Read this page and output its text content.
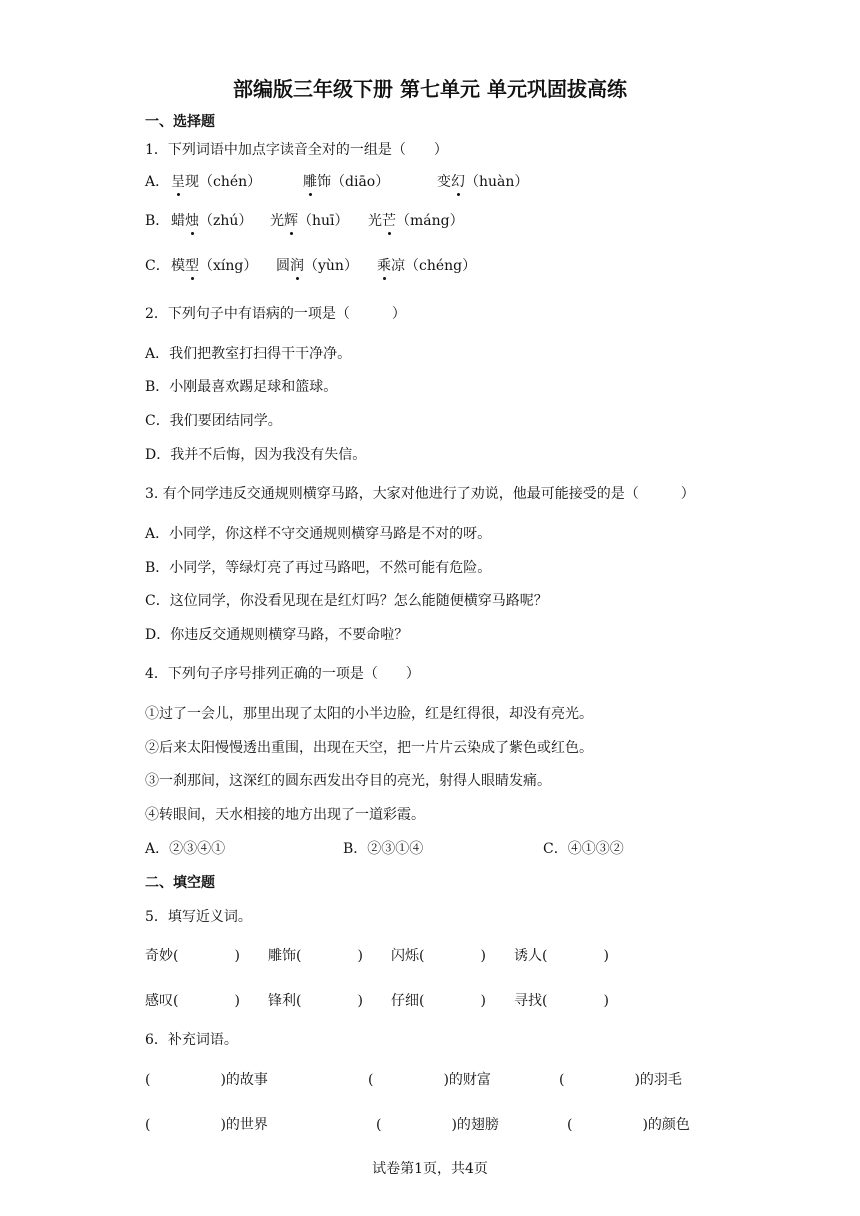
部编版三年级下册 第七单元 单元巩固拔高练
一、选择题
1．下列词语中加点字读音全对的一组是（　　）
A． 呈现（chén）	雕饰（diāo）	变幻（huàn）
B． 蜡烛（zhú） 光辉（huī） 光芒（máng）
C． 模型（xíng） 圆润（yùn） 乘凉（chéng）
2．下列句子中有语病的一项是（　　　）
A．我们把教室打扫得干干净净。
B．小刚最喜欢踢足球和篮球。
C．我们要团结同学。
D．我并不后悔，因为我没有失信。
3. 有个同学违反交通规则横穿马路，大家对他进行了劝说，他最可能接受的是（　　　）
A．小同学，你这样不守交通规则横穿马路是不对的呀。
B．小同学，等绿灯亮了再过马路吧，不然可能有危险。
C．这位同学，你没看见现在是红灯吗？怎么能随便横穿马路呢？
D．你违反交通规则横穿马路，不要命啦？
4．下列句子序号排列正确的一项是（　　）
①过了一会儿，那里出现了太阳的小半边脸，红是红得很，却没有亮光。
②后来太阳慢慢透出重围，出现在天空，把一片片云染成了紫色或红色。
③一刹那间，这深红的圆东西发出夺目的亮光，射得人眼睛发痛。
④转眼间，天水相接的地方出现了一道彩霞。
A．②③④①	B．②③①④	C．④①③②
二、填空题
5．填写近义词。
奇妙(　　　　) 雕饰(　　　　) 闪烁(　　　　) 诱人(　　　　)
感叹(　　　　) 锋利(　　　　) 仔细(　　　　) 寻找(　　　　)
6．补充词语。
(　　　　　)的故事	(　　　　　)的财富	(　　　　　)的羽毛
(　　　　　)的世界	(　　　　　)的翅膀	(　　　　　)的颜色
试卷第1页，共4页
